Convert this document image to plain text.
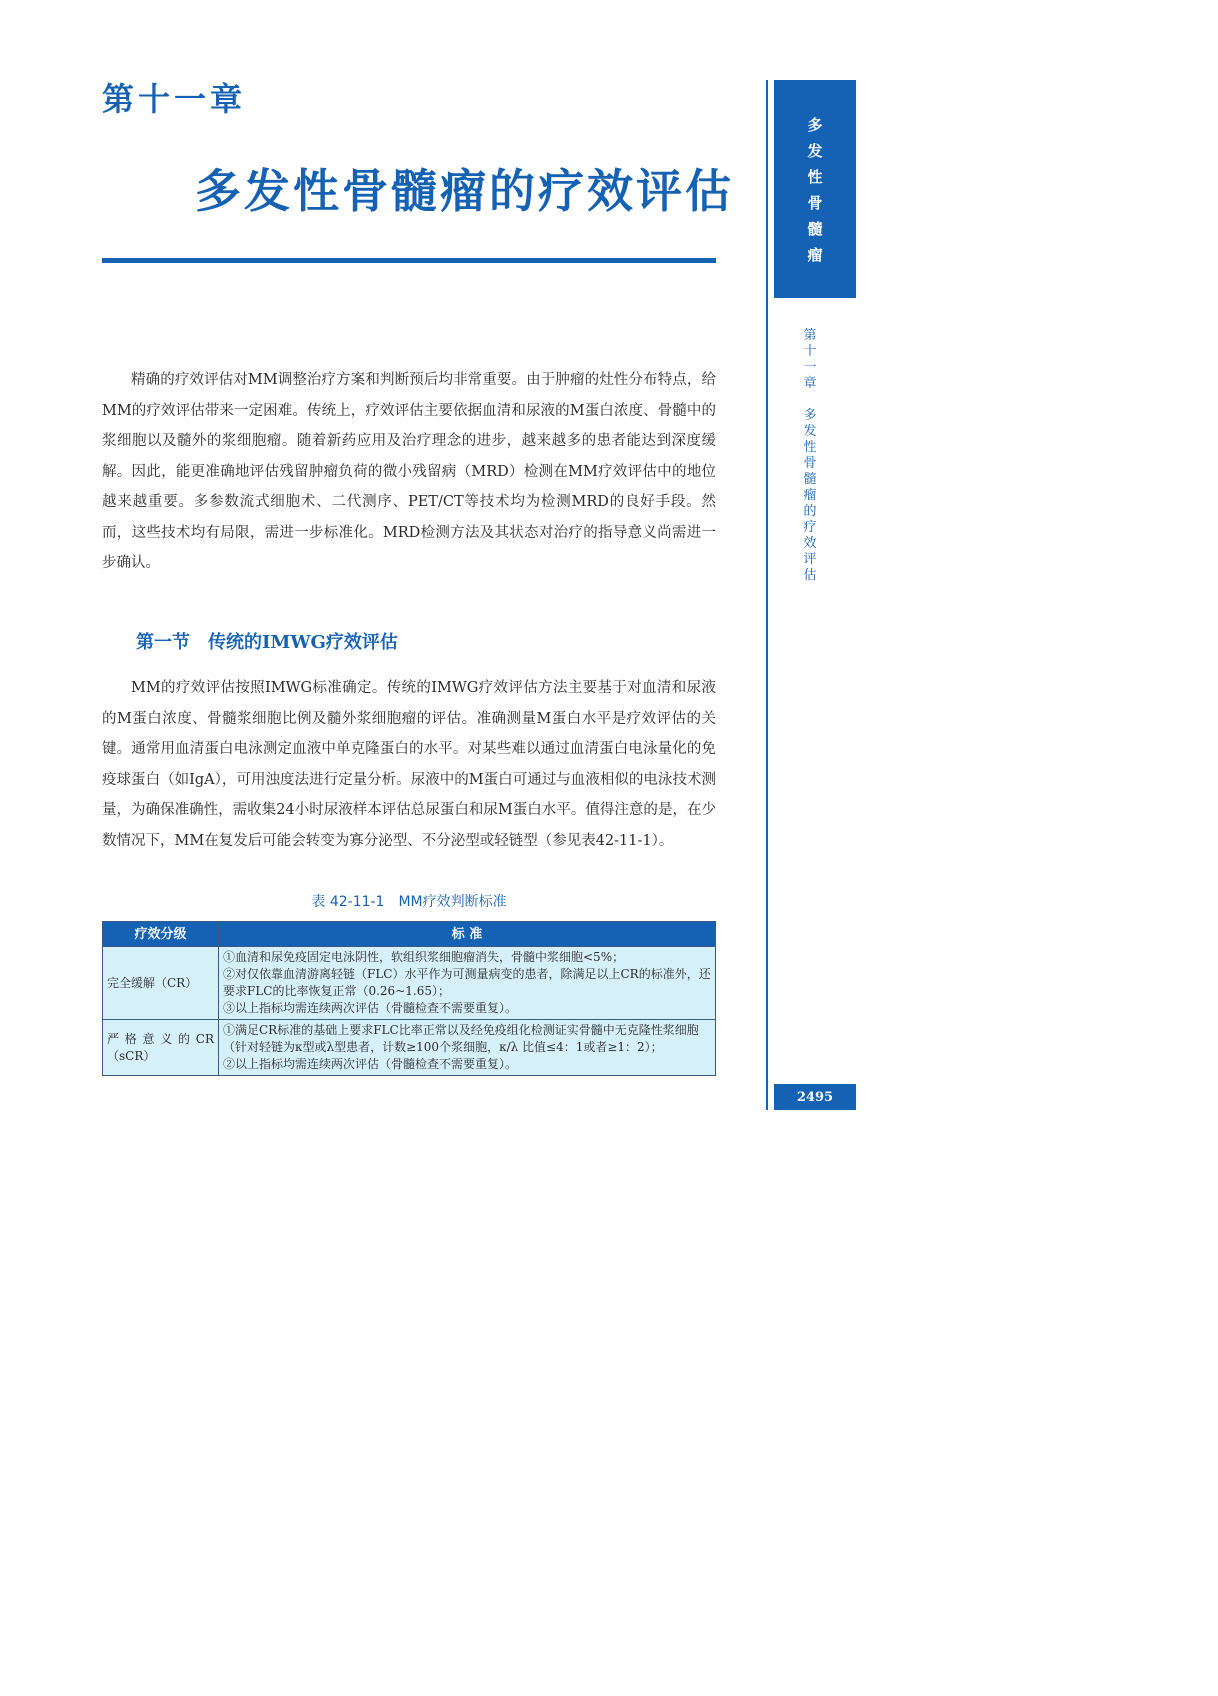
第十一章
多发性骨髓瘤的疗效评估

精确的疗效评估对MM调整治疗方案和判断预后均非常重要。由于肿瘤的灶性分布特点，给MM的疗效评估带来一定困难。传统上，疗效评估主要依据血清和尿液的M蛋白浓度、骨髓中的浆细胞以及髓外的浆细胞瘤。随着新药应用及治疗理念的进步，越来越多的患者能达到深度缓解。因此，能更准确地评估残留肿瘤负荷的微小残留病（MRD）检测在MM疗效评估中的地位越来越重要。多参数流式细胞术、二代测序、PET/CT等技术均为检测MRD的良好手段。然而，这些技术均有局限，需进一步标准化。MRD检测方法及其状态对治疗的指导意义尚需进一步确认。

第一节　传统的IMWG疗效评估

MM的疗效评估按照IMWG标准确定。传统的IMWG疗效评估方法主要基于对血清和尿液的M蛋白浓度、骨髓浆细胞比例及髓外浆细胞瘤的评估。准确测量M蛋白水平是疗效评估的关键。通常用血清蛋白电泳测定血液中单克隆蛋白的水平。对某些难以通过血清蛋白电泳量化的免疫球蛋白（如IgA），可用浊度法进行定量分析。尿液中的M蛋白可通过与血液相似的电泳技术测量，为确保准确性，需收集24小时尿液样本评估总尿蛋白和尿M蛋白水平。值得注意的是，在少数情况下，MM在复发后可能会转变为寡分泌型、不分泌型或轻链型（参见表42-11-1）。

表 42-11-1　MM疗效判断标准
疗效分级	标 准
完全缓解（CR）	①血清和尿免疫固定电泳阴性，软组织浆细胞瘤消失，骨髓中浆细胞<5%；
②对仅依靠血清游离轻链（FLC）水平作为可测量病变的患者，除满足以上CR的标准外，还要求FLC的比率恢复正常（0.26~1.65）；
③以上指标均需连续两次评估（骨髓检查不需要重复）。

严格意义的CR（sCR）	①满足CR标准的基础上要求FLC比率正常以及经免疫组化检测证实骨髓中无克隆性浆细胞（针对轻链为κ型或λ型患者，计数≥100个浆细胞，κ/λ 比值≤4：1或者≥1：2）；
②以上指标均需连续两次评估（骨髓检查不需要重复）。
多
发
性
骨
髓
瘤
第
十
一
章
多
发
性
骨
髓
瘤
的
疗
效
评
估
2495
